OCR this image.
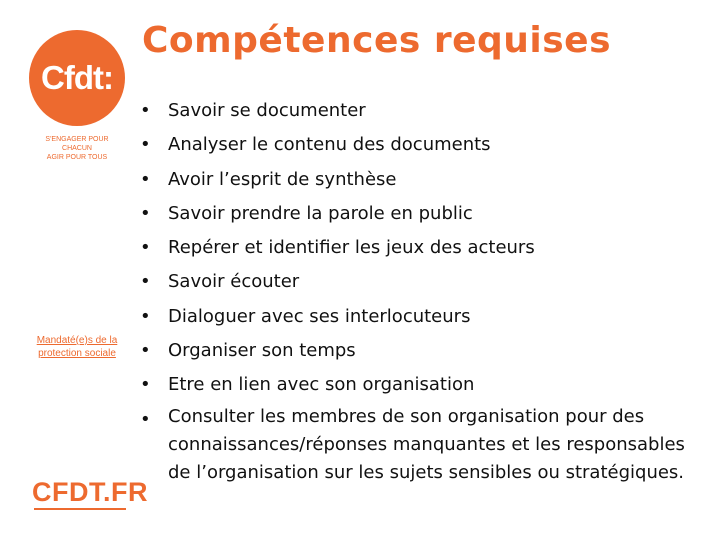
Cfdt:
S'ENGAGER POUR CHACUN
AGIR POUR TOUS
Mandaté(e)s de la
protection sociale
CFDT.FR
Compétences requises
• Savoir se documenter
• Analyser le contenu des documents
• Avoir l’esprit de synthèse
• Savoir prendre la parole en public
• Repérer et identifier les jeux des acteurs
• Savoir écouter
• Dialoguer avec ses interlocuteurs
• Organiser son temps
• Etre en lien avec son organisation
• Consulter les membres de son organisation pour des connaissances/réponses manquantes et les responsables de l’organisation sur les sujets sensibles ou stratégiques.
